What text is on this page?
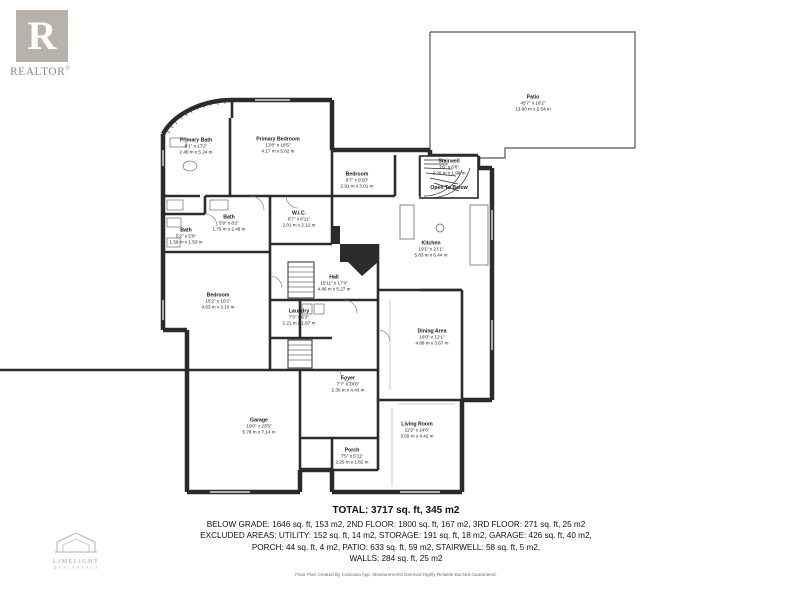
R
REALTOR®
LIMELIGHT
R E A L E S T A T E
Patio
45'7" x 18'2"
13.90 m x 5.54 m
Primary Bath
8'1" x 17'2"
2.48 m x 5.24 m
Primary Bedroom
13'8" x 18'5"
4.17 m x 5.62 m
Bedroom
9'7" x 9'10"
2.91 m x 3.01 m
Stairwell
7'6" x 6'6"
2.28 m x 1.98 m
Open To Below
W.I.C.
6'7" x 6'11"
2.01 m x 2.12 m
Bath
5'9" x 8'2"
1.75 m x 2.49 m
Bath
5'2" x 5'0"
1.59 m x 1.53 m	Kitchen
19'1" x 21'1"
5.83 m x 6.44 m
Hall
15'11" x 17'4"
4.86 m x 5.27 m
Bedroom
15'2" x 10'2"
4.63 m x 3.10 m
Laundry
7'3" x 6'2"
2.21 m x 1.87 m
Dining Area
16'0" x 12'1"
4.88 m x 3.67 m
Foyer
7'7" x 14'6"
2.30 m x 4.43 m
Garage
19'0" x 23'5"
5.78 m x 7.14 m
Living Room
11'9" x 14'6"
3.59 m x 4.42 m
Porch
7'5" x 5'11"
2.25 m x 1.82 m
TOTAL: 3717 sq. ft, 345 m2
BELOW GRADE: 1646 sq. ft, 153 m2, 2ND FLOOR: 1800 sq. ft, 167 m2, 3RD FLOOR: 271 sq. ft, 25 m2
EXCLUDED AREAS: UTILITY: 152 sq. ft, 14 m2, STORAGE: 191 sq. ft, 18 m2, GARAGE: 426 sq. ft, 40 m2,
PORCH: 44 sq. ft, 4 m2, PATIO: 633 sq. ft, 59 m2, STAIRWELL: 58 sq. ft, 5 m2,
WALLS: 284 sq. ft, 25 m2
Floor Plan Created By Cubicasa App. Measurements Deemed Highly Reliable But Not Guaranteed.
